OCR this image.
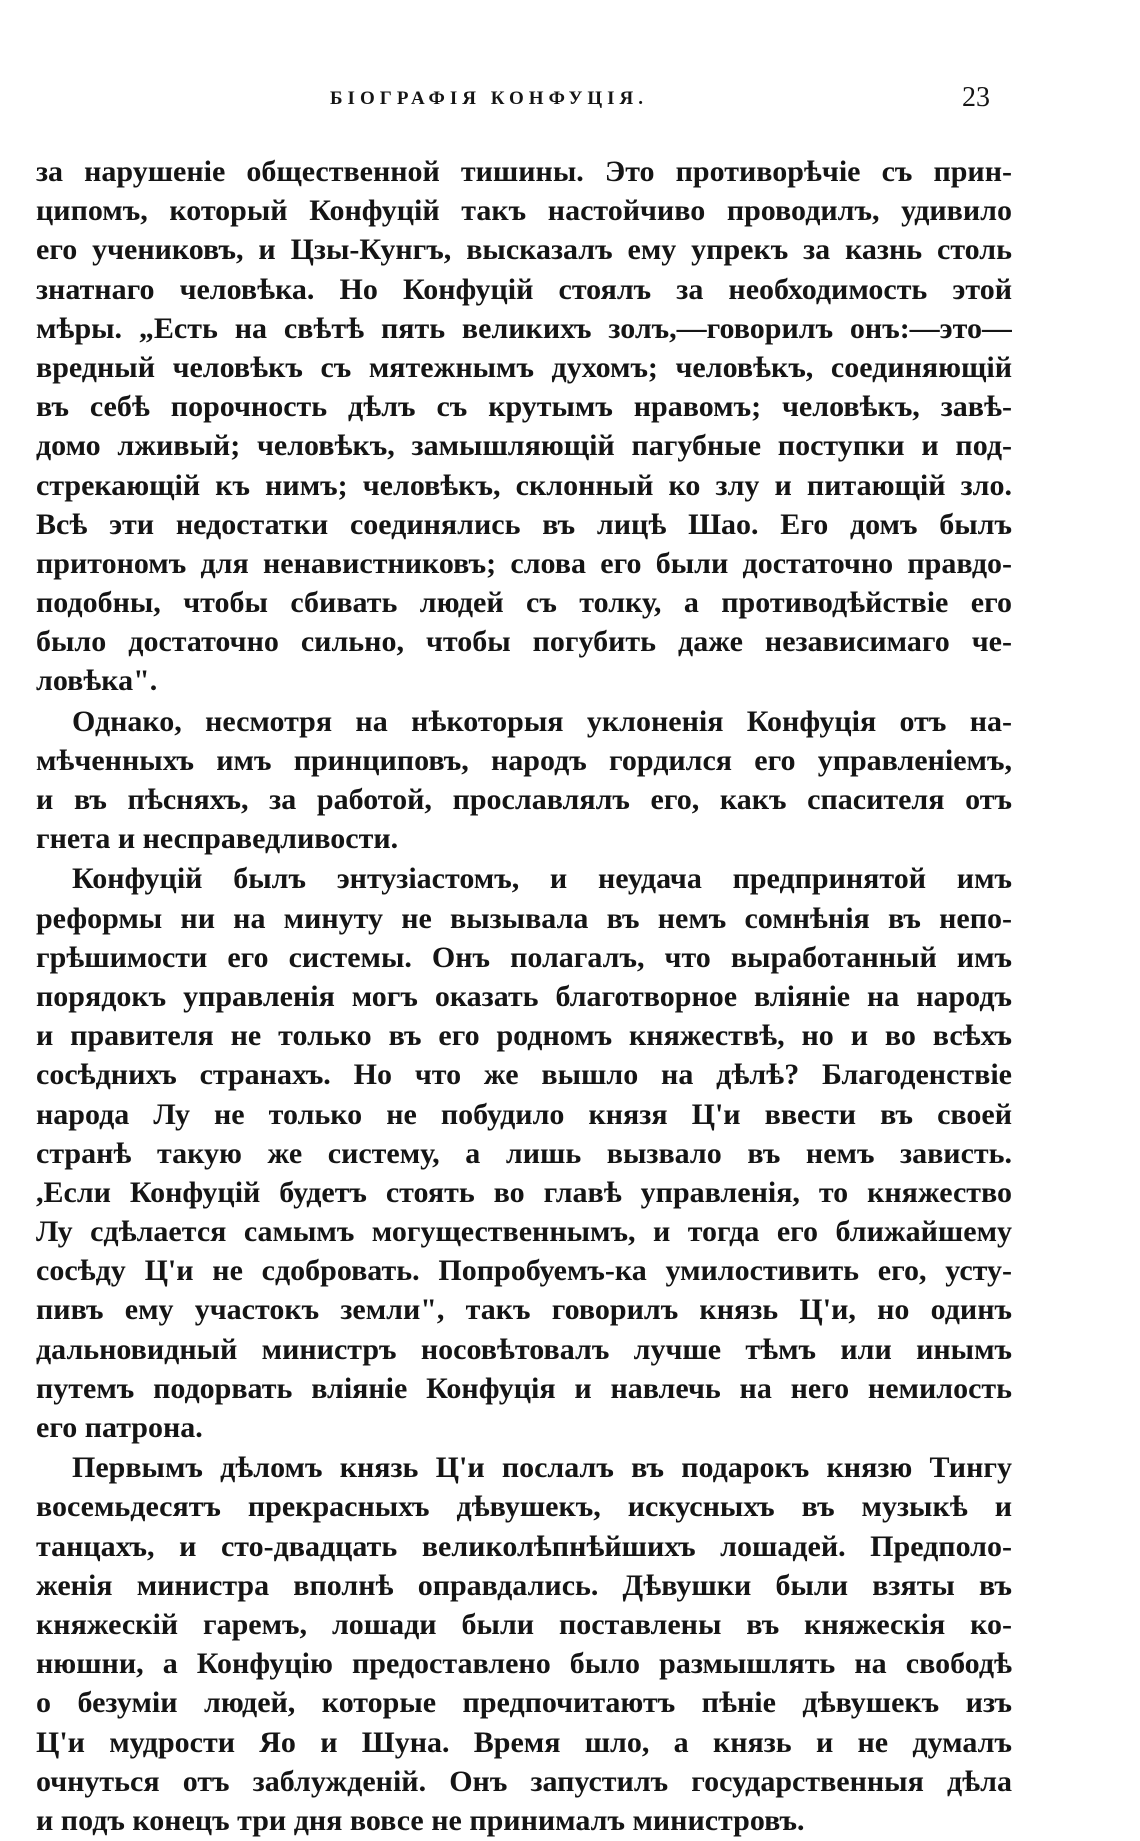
БІОГРАФІЯ КОНФУЦІЯ.	23
за нарушеніе общественной тишины. Это противорѣчіе съ прин-
ципомъ, который Конфуцій такъ настойчиво проводилъ, удивило
его учениковъ, и Цзы-Кунгъ, высказалъ ему упрекъ за казнь столь
знатнаго человѣка. Но Конфуцій стоялъ за необходимость этой
мѣры. „Есть на свѣтѣ пять великихъ золъ,—говорилъ онъ:—это—
вредный человѣкъ съ мятежнымъ духомъ; человѣкъ, соединяющій
въ себѣ порочность дѣлъ съ крутымъ нравомъ; человѣкъ, завѣ-
домо лживый; человѣкъ, замышляющій пагубные поступки и под-
стрекающій къ нимъ; человѣкъ, склонный ко злу и питающій зло.
Всѣ эти недостатки соединялись въ лицѣ Шао. Его домъ былъ
притономъ для ненавистниковъ; слова его были достаточно правдо-
подобны, чтобы сбивать людей съ толку, а противодѣйствіе его
было достаточно сильно, чтобы погубить даже независимаго че-
ловѣка".
Однако, несмотря на нѣкоторыя уклоненія Конфуція отъ на-
мѣченныхъ имъ принциповъ, народъ гордился его управленіемъ,
и въ пѣсняхъ, за работой, прославлялъ его, какъ спасителя отъ
гнета и несправедливости.
Конфуцій былъ энтузіастомъ, и неудача предпринятой имъ
реформы ни на минуту не вызывала въ немъ сомнѣнія въ непо-
грѣшимости его системы. Онъ полагалъ, что выработанный имъ
порядокъ управленія могъ оказать благотворное вліяніе на народъ
и правителя не только въ его родномъ княжествѣ, но и во всѣхъ
сосѣднихъ странахъ. Но что же вышло на дѣлѣ? Благоденствіе
народа Лу не только не побудило князя Ц'и ввести въ своей
странѣ такую же систему, а лишь вызвало въ немъ зависть.
,Если Конфуцій будетъ стоять во главѣ управленія, то княжество
Лу сдѣлается самымъ могущественнымъ, и тогда его ближайшему
сосѣду Ц'и не сдобровать. Попробуемъ-ка умилостивить его, усту-
пивъ ему участокъ земли", такъ говорилъ князь Ц'и, но одинъ
дальновидный министръ носовѣтовалъ лучше тѣмъ или инымъ
путемъ подорвать вліяніе Конфуція и навлечь на него немилость
его патрона.
Первымъ дѣломъ князь Ц'и послалъ въ подарокъ князю Тингу
восемьдесятъ прекрасныхъ дѣвушекъ, искусныхъ въ музыкѣ и
танцахъ, и сто-двадцать великолѣпнѣйшихъ лошадей. Предполо-
женія министра вполнѣ оправдались. Дѣвушки были взяты въ
княжескій гаремъ, лошади были поставлены въ княжескія ко-
нюшни, а Конфуцію предоставлено было размышлять на свободѣ
о безуміи людей, которые предпочитаютъ пѣніе дѣвушекъ изъ
Ц'и мудрости Яо и Шуна. Время шло, а князь и не думалъ
очнуться отъ заблужденій. Онъ запустилъ государственныя дѣла
и подъ конецъ три дня вовсе не принималъ министровъ.
